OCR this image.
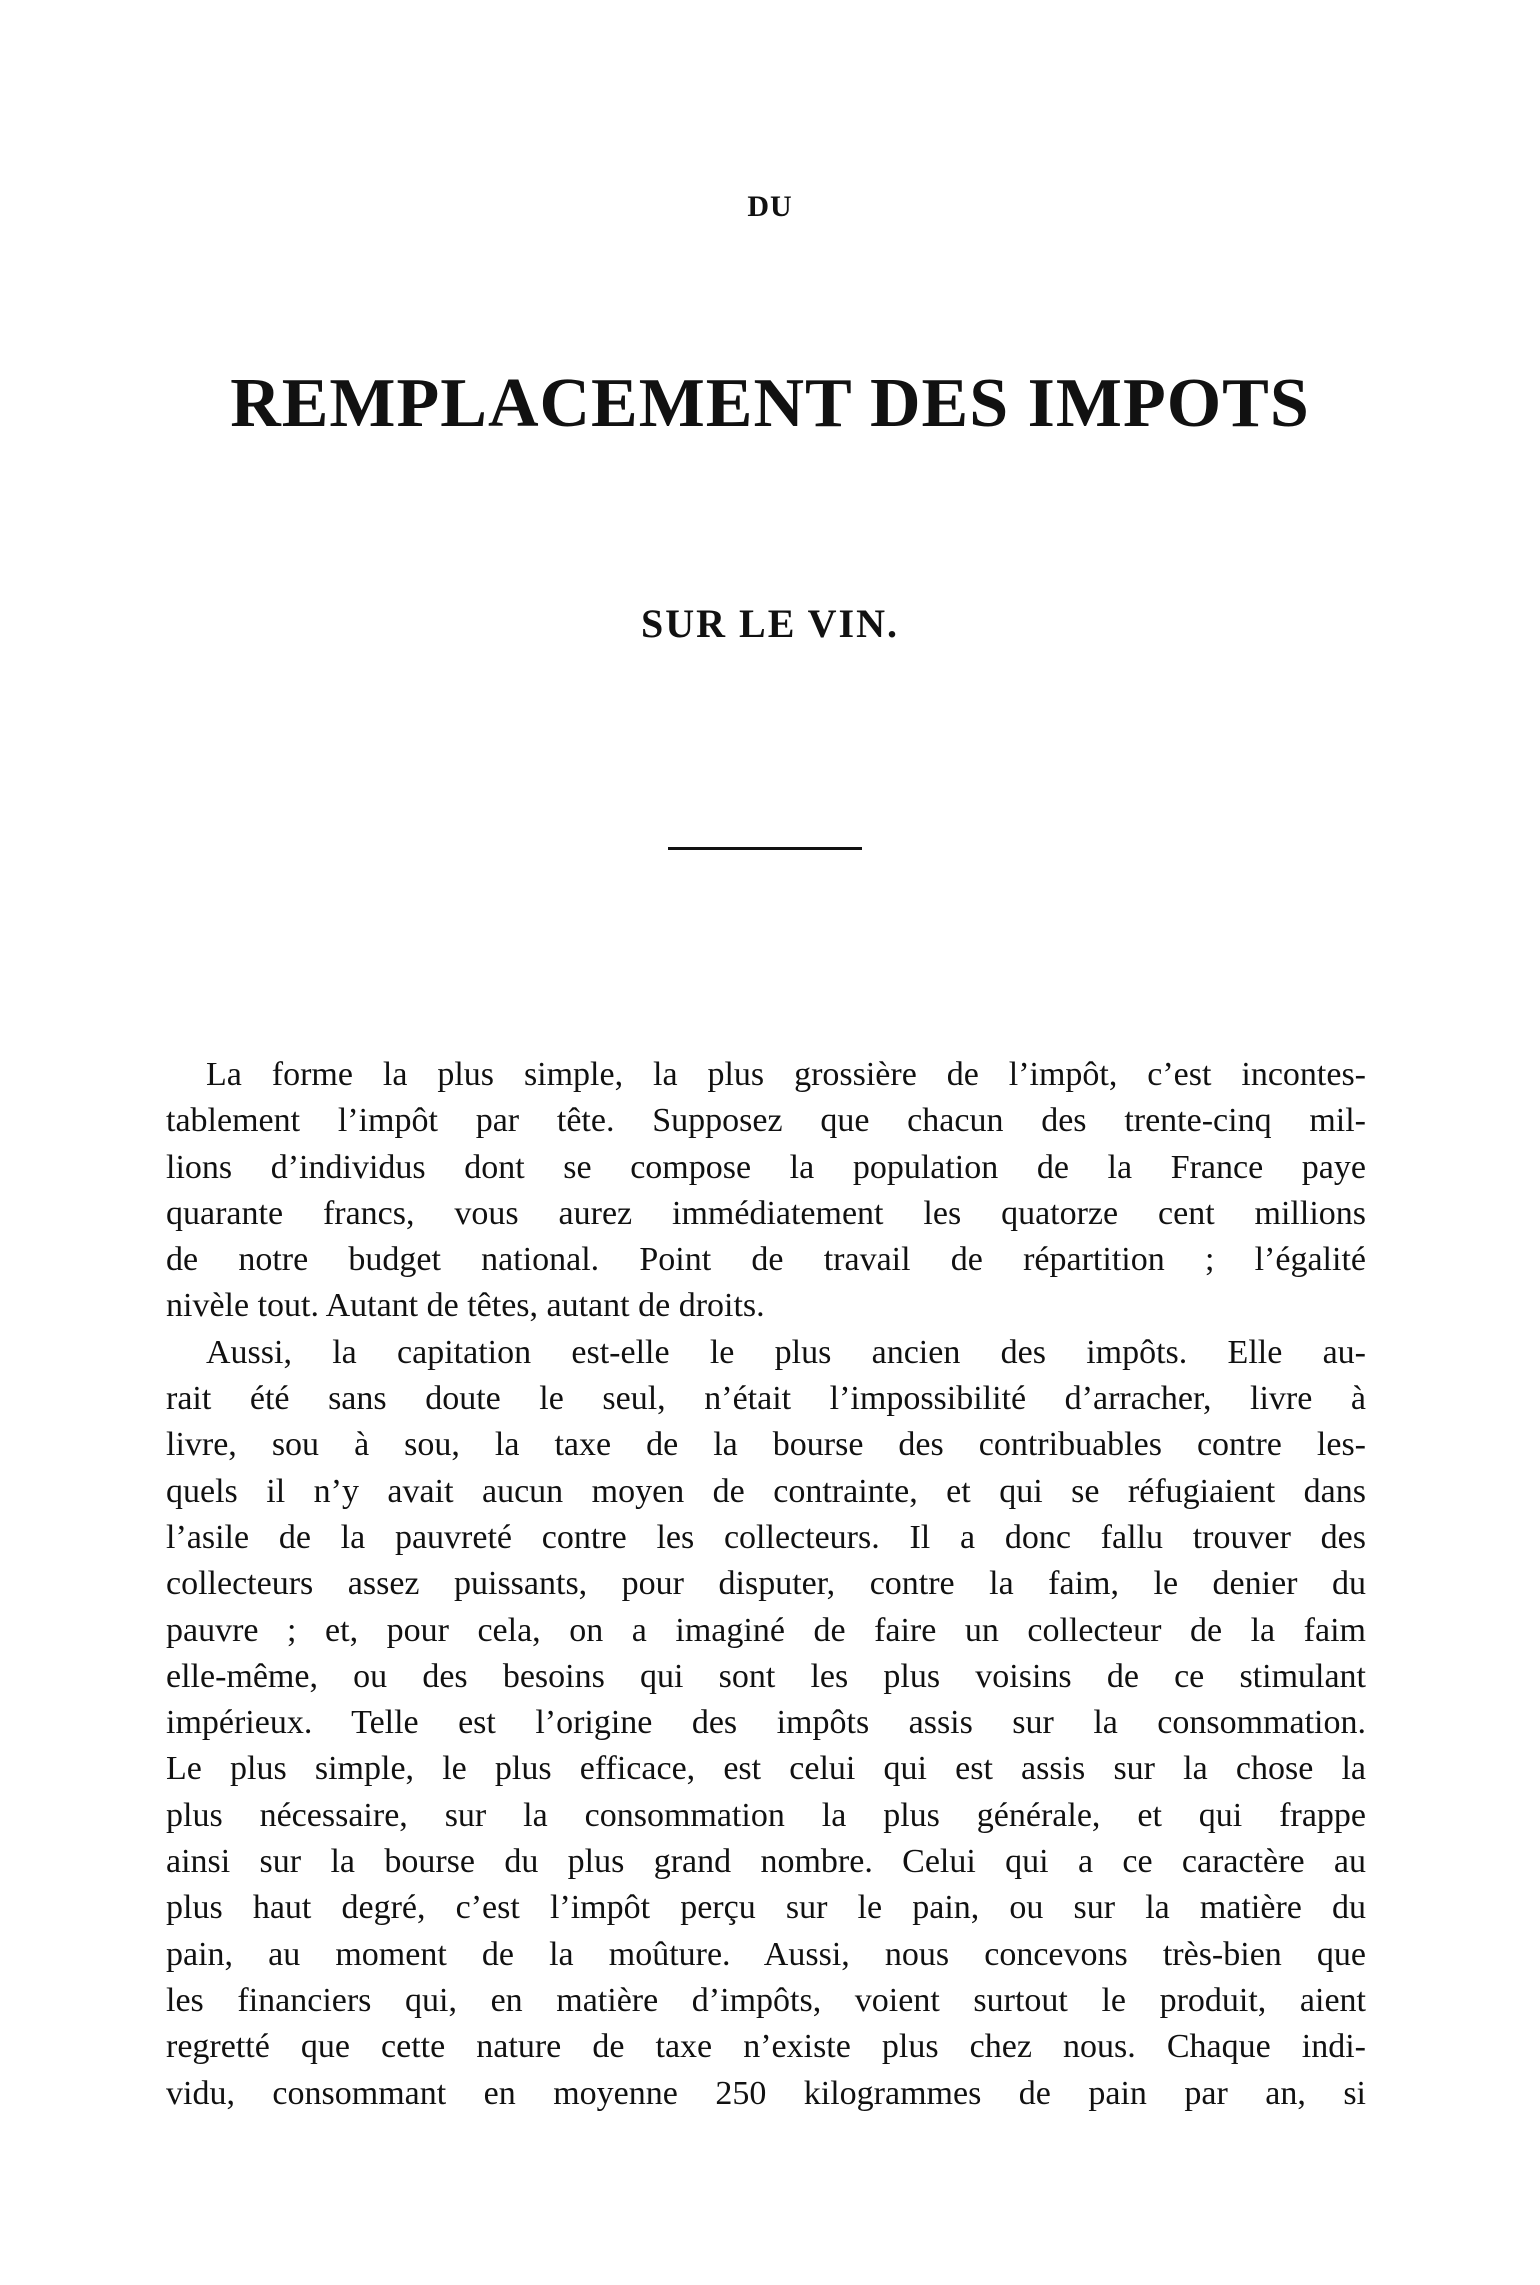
DU
REMPLACEMENT DES IMPOTS
SUR LE VIN.

La forme la plus simple, la plus grossière de l’impôt, c’est incontes-
tablement l’impôt par tête. Supposez que chacun des trente-cinq mil-
lions d’individus dont se compose la population de la France paye
quarante francs, vous aurez immédiatement les quatorze cent millions
de notre budget national. Point de travail de répartition ; l’égalité
nivèle tout. Autant de têtes, autant de droits.

Aussi, la capitation est-elle le plus ancien des impôts. Elle au-
rait été sans doute le seul, n’était l’impossibilité d’arracher, livre à
livre, sou à sou, la taxe de la bourse des contribuables contre les-
quels il n’y avait aucun moyen de contrainte, et qui se réfugiaient dans
l’asile de la pauvreté contre les collecteurs. Il a donc fallu trouver des
collecteurs assez puissants, pour disputer, contre la faim, le denier du
pauvre ; et, pour cela, on a imaginé de faire un collecteur de la faim
elle-même, ou des besoins qui sont les plus voisins de ce stimulant
impérieux. Telle est l’origine des impôts assis sur la consommation.
Le plus simple, le plus efficace, est celui qui est assis sur la chose la
plus nécessaire, sur la consommation la plus générale, et qui frappe
ainsi sur la bourse du plus grand nombre. Celui qui a ce caractère au
plus haut degré, c’est l’impôt perçu sur le pain, ou sur la matière du
pain, au moment de la moûture. Aussi, nous concevons très-bien que
les financiers qui, en matière d’impôts, voient surtout le produit, aient
regretté que cette nature de taxe n’existe plus chez nous. Chaque indi-
vidu, consommant en moyenne 250 kilogrammes de pain par an, si
